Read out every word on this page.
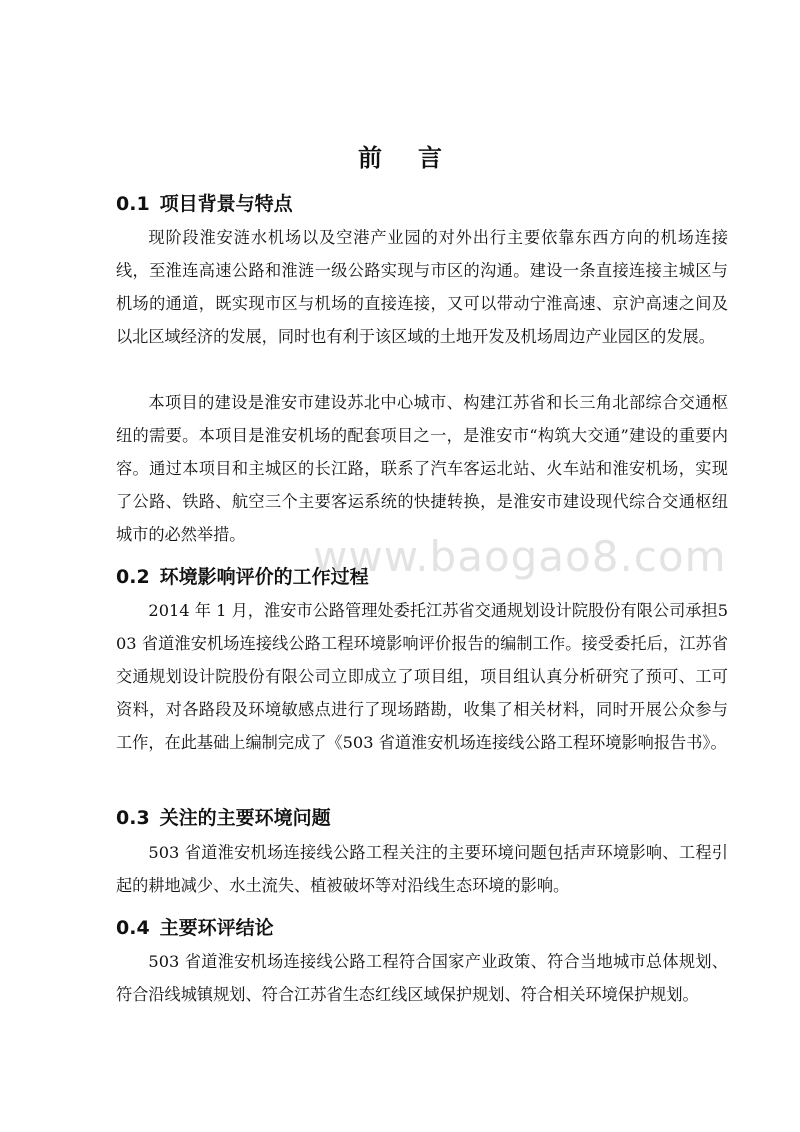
前 言
0.1 项目背景与特点

现阶段淮安涟水机场以及空港产业园的对外出行主要依靠东西方向的机场连接线，至淮连高速公路和淮涟一级公路实现与市区的沟通。建设一条直接连接主城区与机场的通道，既实现市区与机场的直接连接，又可以带动宁淮高速、京沪高速之间及以北区域经济的发展，同时也有利于该区域的土地开发及机场周边产业园区的发展。

本项目的建设是淮安市建设苏北中心城市、构建江苏省和长三角北部综合交通枢纽的需要。本项目是淮安机场的配套项目之一，是淮安市“构筑大交通”建设的重要内容。通过本项目和主城区的长江路，联系了汽车客运北站、火车站和淮安机场，实现了公路、铁路、航空三个主要客运系统的快捷转换，是淮安市建设现代综合交通枢纽城市的必然举措。

0.2 环境影响评价的工作过程

2014 年 1 月，淮安市公路管理处委托江苏省交通规划设计院股份有限公司承担503 省道淮安机场连接线公路工程环境影响评价报告的编制工作。接受委托后，江苏省交通规划设计院股份有限公司立即成立了项目组，项目组认真分析研究了预可、工可资料，对各路段及环境敏感点进行了现场踏勘，收集了相关材料，同时开展公众参与工作，在此基础上编制完成了《503 省道淮安机场连接线公路工程环境影响报告书》。

0.3 关注的主要环境问题

503 省道淮安机场连接线公路工程关注的主要环境问题包括声环境影响、工程引起的耕地减少、水土流失、植被破坏等对沿线生态环境的影响。

0.4 主要环评结论

503 省道淮安机场连接线公路工程符合国家产业政策、符合当地城市总体规划、符合沿线城镇规划、符合江苏省生态红线区域保护规划、符合相关环境保护规划。

www.baogao8.com
